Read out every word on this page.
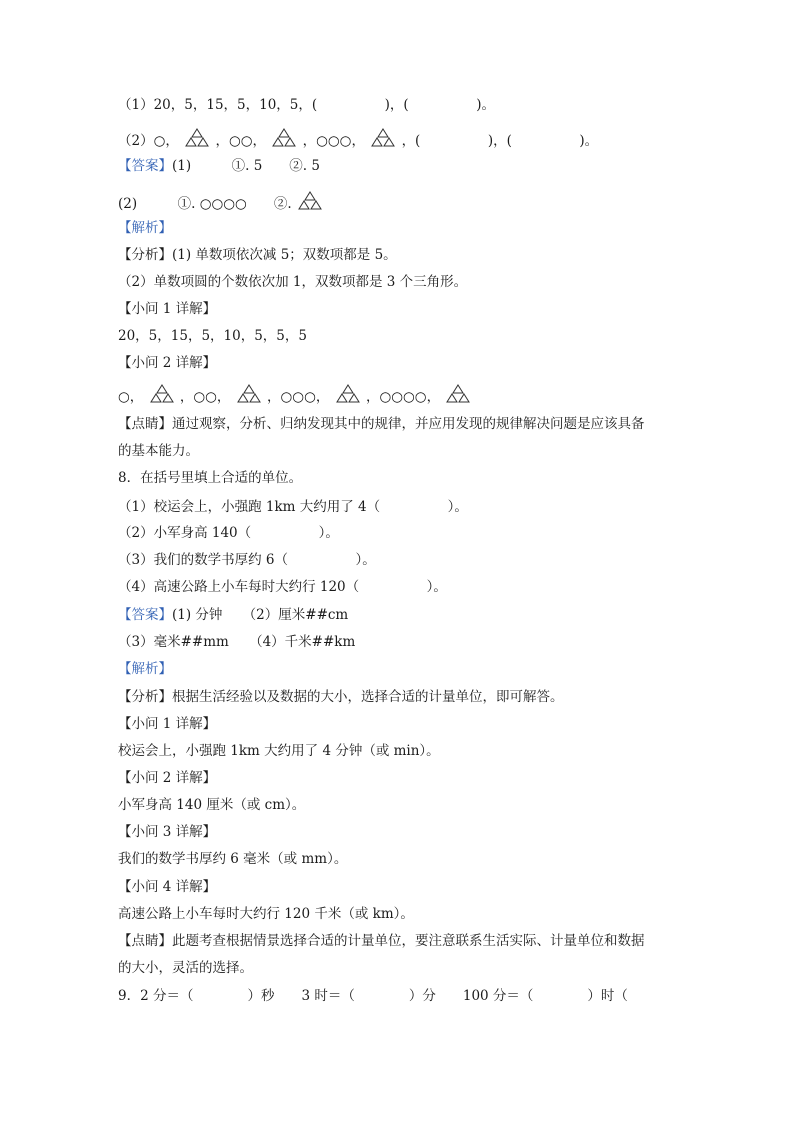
（1）20，5，15，5，10，5，(　　　　　)，(　　　　　)。
（2）○，	，○○，	，○○○，	，(　　　　　)，(　　　　　)。
【答案】(1)　　　①. 5　　②. 5
(2)　　　①. ○○○○　　②.
【解析】
【分析】(1) 单数项依次减 5；双数项都是 5。
（2）单数项圆的个数依次加 1，双数项都是 3 个三角形。
【小问 1 详解】
20，5，15，5，10，5，5，5
【小问 2 详解】
○，	，○○，	，○○○，	，○○○○，
【点睛】通过观察，分析、归纳发现其中的规律，并应用发现的规律解决问题是应该具备
的基本能力。
8．在括号里填上合适的单位。
（1）校运会上，小强跑 1km 大约用了 4（　　　　　）。
（2）小军身高 140（　　　　　）。
（3）我们的数学书厚约 6（　　　　　）。
（4）高速公路上小车每时大约行 120（　　　　　）。
【答案】(1) 分钟　　（2）厘米##cm
（3）毫米##mm　　（4）千米##km
【解析】
【分析】根据生活经验以及数据的大小，选择合适的计量单位，即可解答。
【小问 1 详解】
校运会上，小强跑 1km 大约用了 4 分钟（或 min）。
【小问 2 详解】
小军身高 140 厘米（或 cm）。
【小问 3 详解】
我们的数学书厚约 6 毫米（或 mm）。
【小问 4 详解】
高速公路上小车每时大约行 120 千米（或 km）。
【点睛】此题考查根据情景选择合适的计量单位，要注意联系生活实际、计量单位和数据
的大小，灵活的选择。
9．2 分＝（　　　　）秒　　3 时＝（　　　　）分　　100 分＝（　　　　）时（
